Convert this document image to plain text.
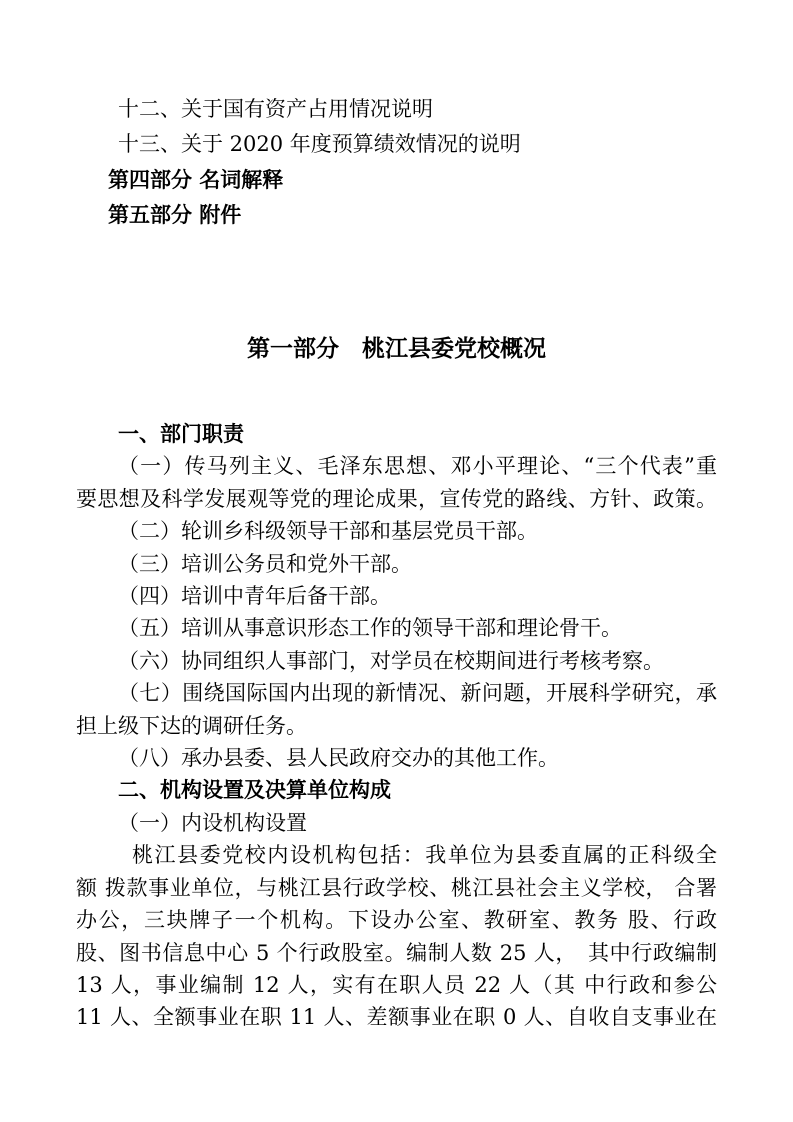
十二、关于国有资产占用情况说明
十三、关于 2020 年度预算绩效情况的说明
第四部分 名词解释
第五部分 附件
第一部分　桃江县委党校概况
一、部门职责
（一）传马列主义、毛泽东思想、邓小平理论、“三个代表”重
要思想及科学发展观等党的理论成果，宣传党的路线、方针、政策。
（二）轮训乡科级领导干部和基层党员干部。
（三）培训公务员和党外干部。
（四）培训中青年后备干部。
（五）培训从事意识形态工作的领导干部和理论骨干。
（六）协同组织人事部门，对学员在校期间进行考核考察。
（七）围绕国际国内出现的新情况、新问题，开展科学研究，承
担上级下达的调研任务。
（八）承办县委、县人民政府交办的其他工作。
二、机构设置及决算单位构成
（一）内设机构设置
桃江县委党校内设机构包括：我单位为县委直属的正科级全
额 拨款事业单位，与桃江县行政学校、桃江县社会主义学校， 合署
办公，三块牌子一个机构。下设办公室、教研室、教务 股、行政
股、图书信息中心 5 个行政股室。编制人数 25 人，　其中行政编制
13 人，事业编制 12 人，实有在职人员 22 人（其 中行政和参公
11 人、全额事业在职 11 人、差额事业在职 0 人、自收自支事业在
